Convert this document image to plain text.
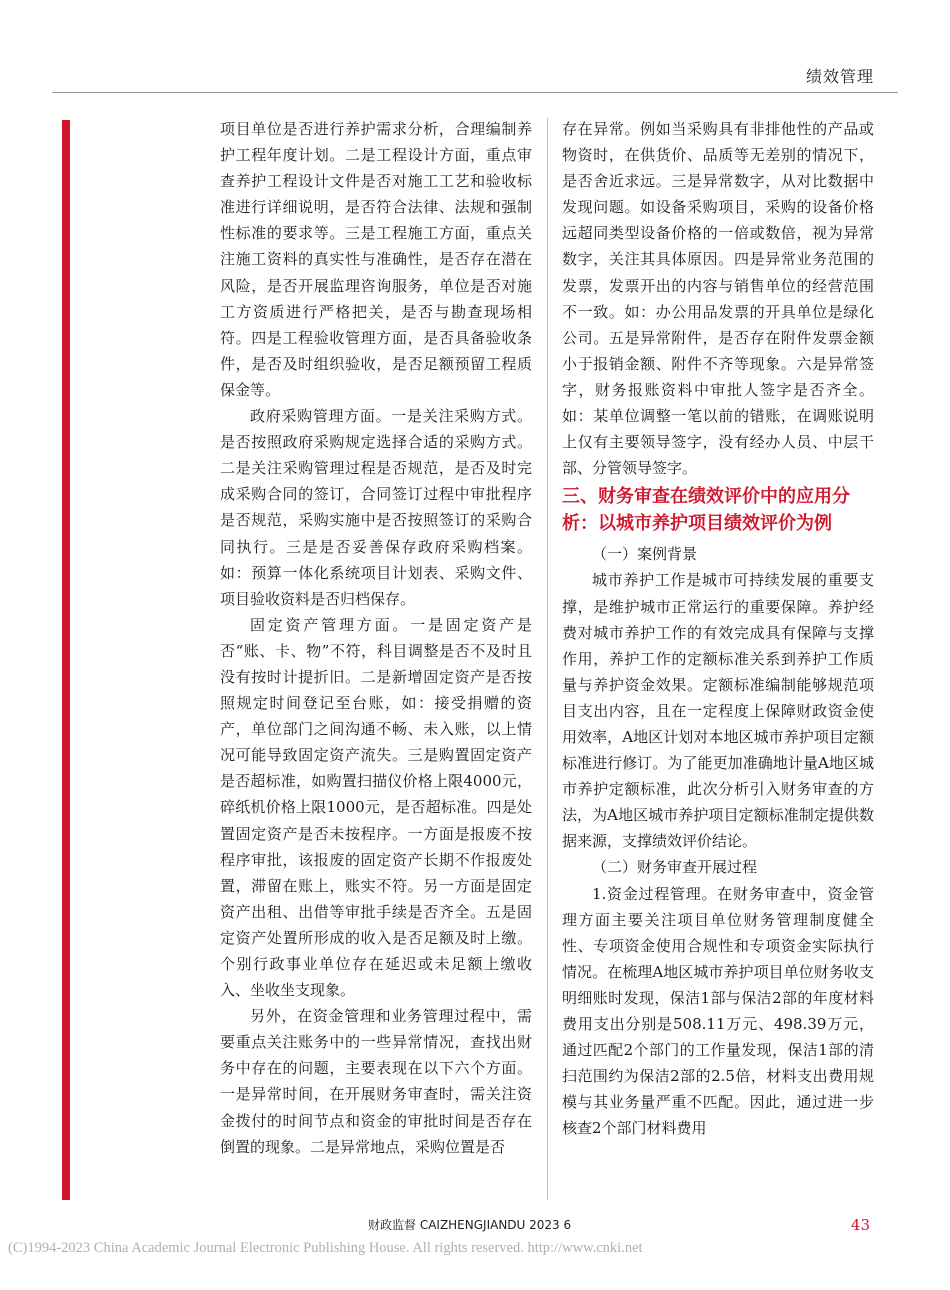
绩效管理

项目单位是否进行养护需求分析，合理编制养护工程年度计划。二是工程设计方面，重点审查养护工程设计文件是否对施工工艺和验收标准进行详细说明，是否符合法律、法规和强制性标准的要求等。三是工程施工方面，重点关注施工资料的真实性与准确性，是否存在潜在风险，是否开展监理咨询服务，单位是否对施工方资质进行严格把关，是否与勘查现场相符。四是工程验收管理方面，是否具备验收条件，是否及时组织验收，是否足额预留工程质保金等。

政府采购管理方面。一是关注采购方式。是否按照政府采购规定选择合适的采购方式。二是关注采购管理过程是否规范，是否及时完成采购合同的签订，合同签订过程中审批程序是否规范，采购实施中是否按照签订的采购合同执行。三是是否妥善保存政府采购档案。如：预算一体化系统项目计划表、采购文件、项目验收资料是否归档保存。

固定资产管理方面。一是固定资产是否“账、卡、物”不符，科目调整是否不及时且没有按时计提折旧。二是新增固定资产是否按照规定时间登记至台账，如：接受捐赠的资产，单位部门之间沟通不畅、未入账，以上情况可能导致固定资产流失。三是购置固定资产是否超标准，如购置扫描仪价格上限4000元，碎纸机价格上限1000元，是否超标准。四是处置固定资产是否未按程序。一方面是报废不按程序审批，该报废的固定资产长期不作报废处置，滞留在账上，账实不符。另一方面是固定资产出租、出借等审批手续是否齐全。五是固定资产处置所形成的收入是否足额及时上缴。个别行政事业单位存在延迟或未足额上缴收入、坐收坐支现象。

另外，在资金管理和业务管理过程中，需要重点关注账务中的一些异常情况，查找出财务中存在的问题，主要表现在以下六个方面。一是异常时间，在开展财务审查时，需关注资金拨付的时间节点和资金的审批时间是否存在倒置的现象。二是异常地点，采购位置是否

存在异常。例如当采购具有非排他性的产品或物资时，在供货价、品质等无差别的情况下，是否舍近求远。三是异常数字，从对比数据中发现问题。如设备采购项目，采购的设备价格远超同类型设备价格的一倍或数倍，视为异常数字，关注其具体原因。四是异常业务范围的发票，发票开出的内容与销售单位的经营范围不一致。如：办公用品发票的开具单位是绿化公司。五是异常附件，是否存在附件发票金额小于报销金额、附件不齐等现象。六是异常签字，财务报账资料中审批人签字是否齐全。如：某单位调整一笔以前的错账，在调账说明上仅有主要领导签字，没有经办人员、中层干部、分管领导签字。

三、财务审查在绩效评价中的应用分析：以城市养护项目绩效评价为例

（一）案例背景

城市养护工作是城市可持续发展的重要支撑，是维护城市正常运行的重要保障。养护经费对城市养护工作的有效完成具有保障与支撑作用，养护工作的定额标准关系到养护工作质量与养护资金效果。定额标准编制能够规范项目支出内容，且在一定程度上保障财政资金使用效率，A地区计划对本地区城市养护项目定额标准进行修订。为了能更加准确地计量A地区城市养护定额标准，此次分析引入财务审查的方法，为A地区城市养护项目定额标准制定提供数据来源，支撑绩效评价结论。

（二）财务审查开展过程

1.资金过程管理。在财务审查中，资金管理方面主要关注项目单位财务管理制度健全性、专项资金使用合规性和专项资金实际执行情况。在梳理A地区城市养护项目单位财务收支明细账时发现，保洁1部与保洁2部的年度材料费用支出分别是508.11万元、498.39万元，通过匹配2个部门的工作量发现，保洁1部的清扫范围约为保洁2部的2.5倍，材料支出费用规模与其业务量严重不匹配。因此，通过进一步核查2个部门材料费用

财政监督 CAIZHENGJIANDU 2023 6	43
(C)1994-2023 China Academic Journal Electronic Publishing House. All rights reserved. http://www.cnki.net
